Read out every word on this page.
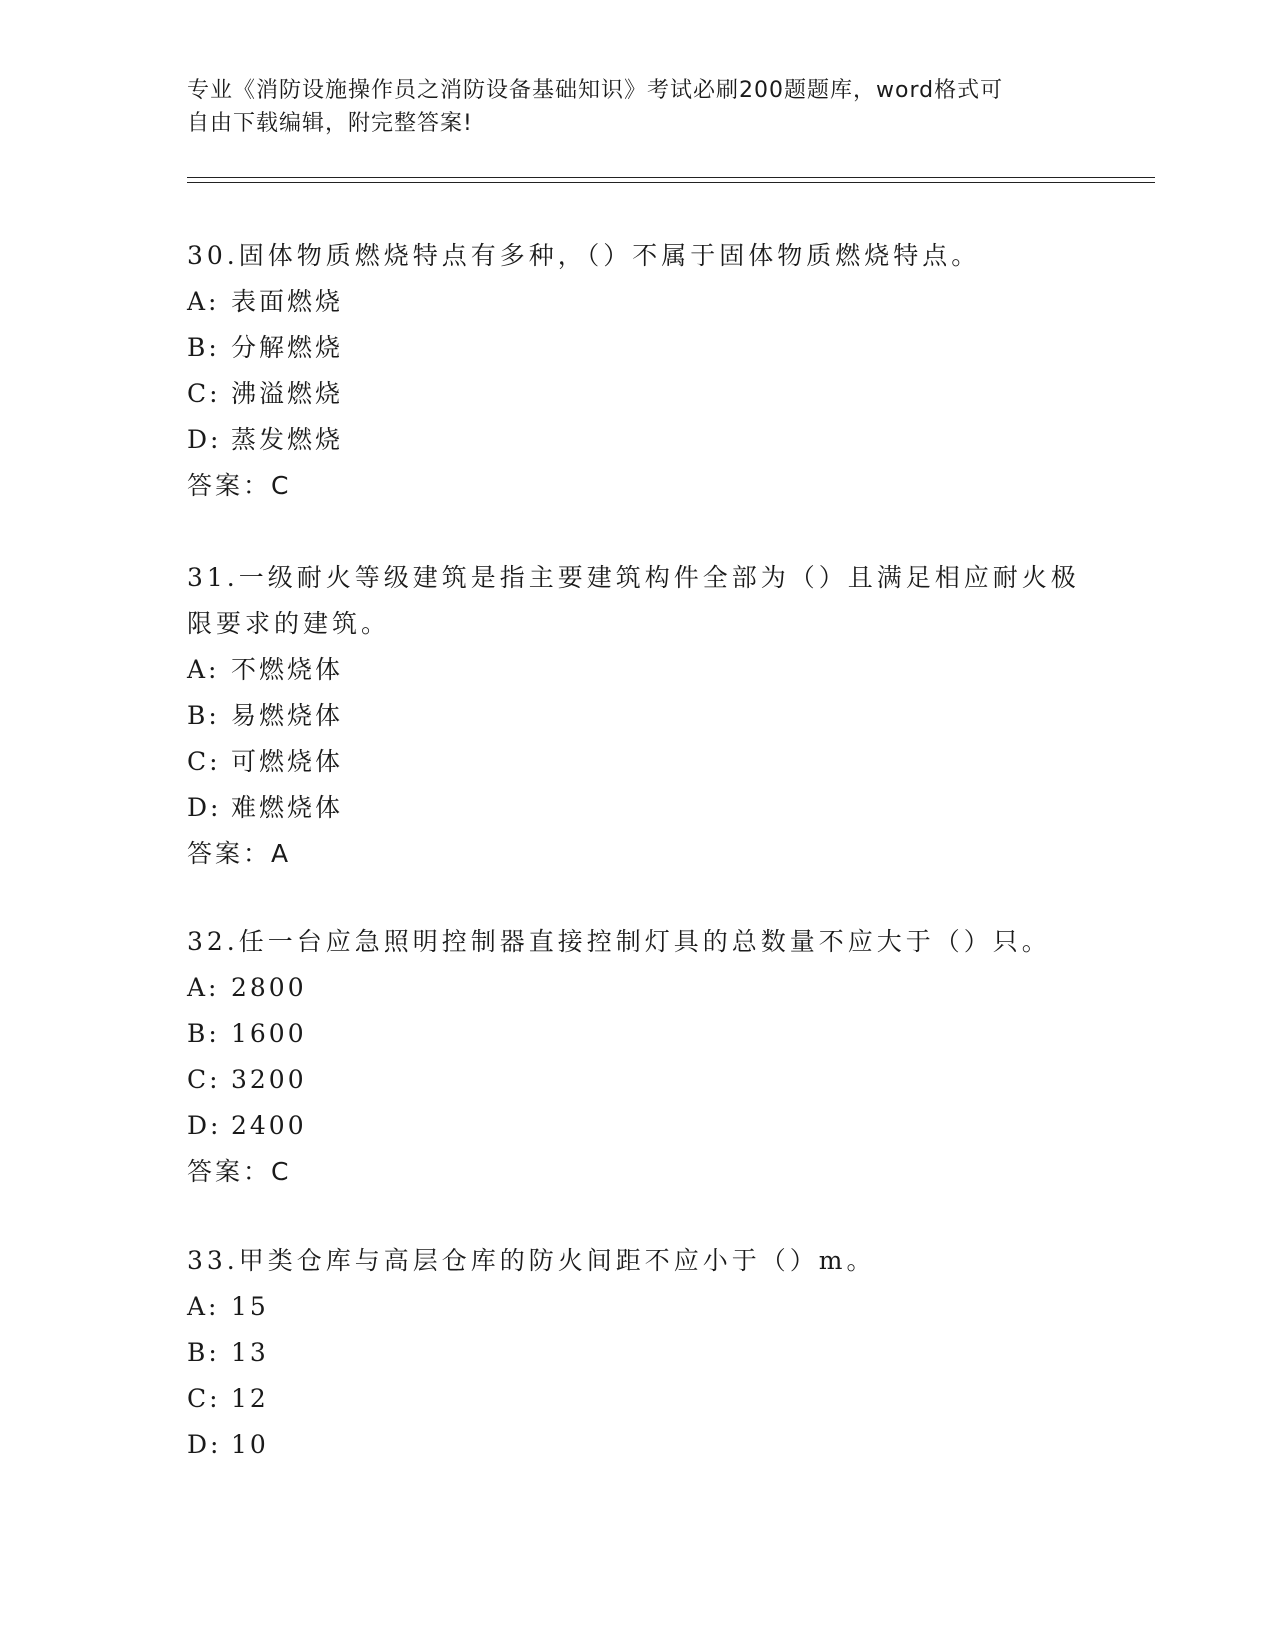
专业《消防设施操作员之消防设备基础知识》考试必刷200题题库，word格式可
自由下载编辑，附完整答案!

30.固体物质燃烧特点有多种，（）不属于固体物质燃烧特点。

A: 表面燃烧

B: 分解燃烧

C: 沸溢燃烧

D: 蒸发燃烧

答案：C

31.一级耐火等级建筑是指主要建筑构件全部为（）且满足相应耐火极限要求的建筑。

A: 不燃烧体

B: 易燃烧体

C: 可燃烧体

D: 难燃烧体

答案：A

32.任一台应急照明控制器直接控制灯具的总数量不应大于（）只。

A: 2800

B: 1600

C: 3200

D: 2400

答案：C

33.甲类仓库与高层仓库的防火间距不应小于（）m。

A: 15

B: 13

C: 12

D: 10
